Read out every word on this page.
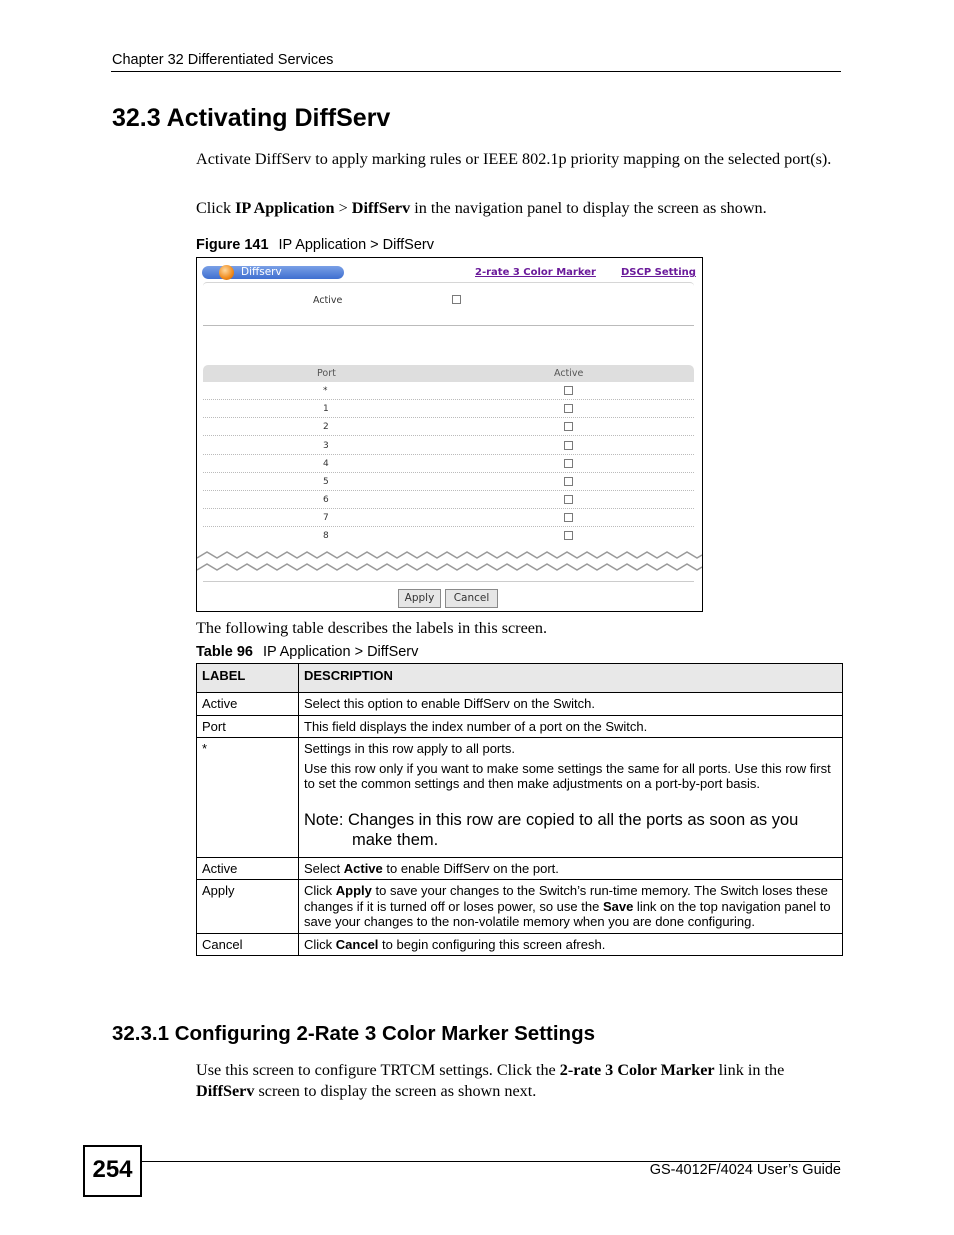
Chapter 32 Differentiated Services
32.3 Activating DiffServ
Activate DiffServ to apply marking rules or IEEE 802.1p priority mapping on the selected port(s).
Click IP Application > DiffServ in the navigation panel to display the screen as shown.
Figure 141 IP Application > DiffServ
Diffserv	2-rate 3 Color Marker	DSCP Setting
Active
Port	Active
*
1
2
3
4
5
6
7
8
Apply	Cancel
The following table describes the labels in this screen.
Table 96 IP Application > DiffServ
LABEL	DESCRIPTION
Active	Select this option to enable DiffServ on the Switch.
Port	This field displays the index number of a port on the Switch.
*	Settings in this row apply to all ports.

Use this row only if you want to make some settings the same for all ports. Use this row first to set the common settings and then make adjustments on a port-by-port basis.

Note: Changes in this row are copied to all the ports as soon as you make them.

Active	Select Active to enable DiffServ on the port.
Apply	Click Apply to save your changes to the Switch’s run-time memory. The Switch loses these changes if it is turned off or loses power, so use the Save link on the top navigation panel to save your changes to the non-volatile memory when you are done configuring.
Cancel	Click Cancel to begin configuring this screen afresh.
32.3.1 Configuring 2-Rate 3 Color Marker Settings
Use this screen to configure TRTCM settings. Click the 2-rate 3 Color Marker link in the DiffServ screen to display the screen as shown next.
254	GS-4012F/4024 User’s Guide
